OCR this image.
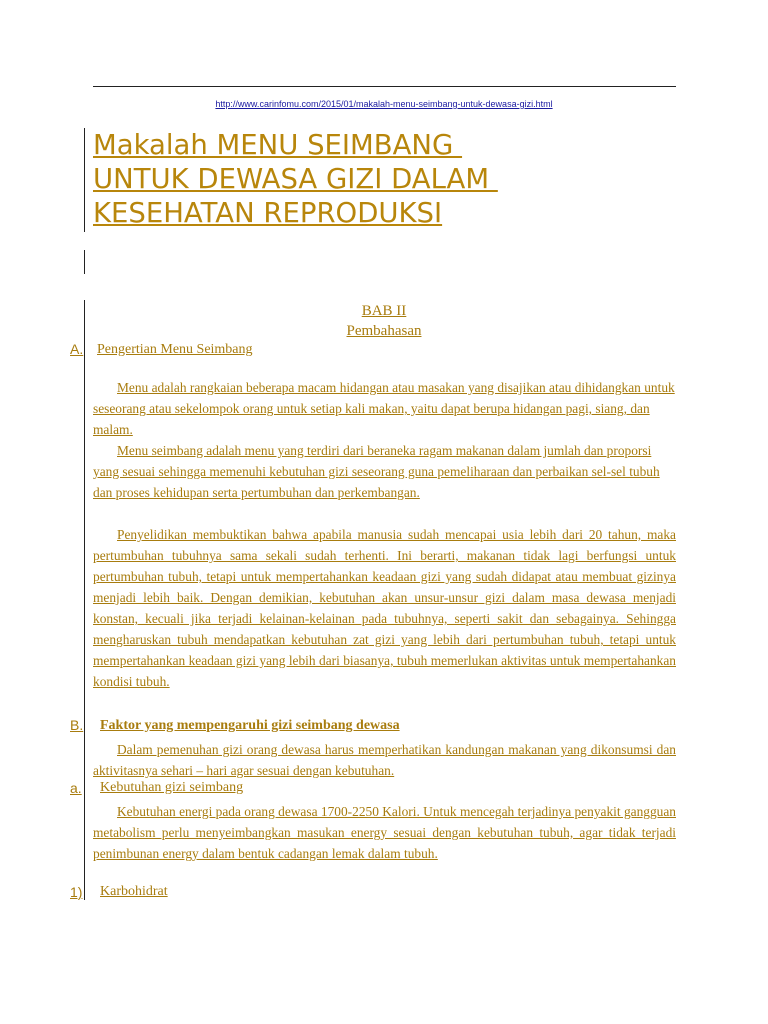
http://www.carinfomu.com/2015/01/makalah-menu-seimbang-untuk-dewasa-gizi.html
Makalah MENU SEIMBANG
UNTUK DEWASA GIZI DALAM
KESEHATAN REPRODUKSI
BAB II
Pembahasan
A. Pengertian Menu Seimbang

Menu adalah rangkaian beberapa macam hidangan atau masakan yang disajikan atau dihidangkan untuk seseorang atau sekelompok orang untuk setiap kali makan, yaitu dapat berupa hidangan pagi, siang, dan malam.

Menu seimbang adalah menu yang terdiri dari beraneka ragam makanan dalam jumlah dan proporsi yang sesuai sehingga memenuhi kebutuhan gizi seseorang guna pemeliharaan dan perbaikan sel-sel tubuh dan proses kehidupan serta pertumbuhan dan perkembangan.

Penyelidikan membuktikan bahwa apabila manusia sudah mencapai usia lebih dari 20 tahun, maka pertumbuhan tubuhnya sama sekali sudah terhenti. Ini berarti, makanan tidak lagi berfungsi untuk pertumbuhan tubuh, tetapi untuk mempertahankan keadaan gizi yang sudah didapat atau membuat gizinya menjadi lebih baik. Dengan demikian, kebutuhan akan unsur-unsur gizi dalam masa dewasa menjadi konstan, kecuali jika terjadi kelainan-kelainan pada tubuhnya, seperti sakit dan sebagainya. Sehingga mengharuskan tubuh mendapatkan kebutuhan zat gizi yang lebih dari pertumbuhan tubuh, tetapi untuk mempertahankan keadaan gizi yang lebih dari biasanya, tubuh memerlukan aktivitas untuk mempertahankan kondisi tubuh.

B. Faktor yang mempengaruhi gizi seimbang dewasa

Dalam pemenuhan gizi orang dewasa harus memperhatikan kandungan makanan yang dikonsumsi dan aktivitasnya sehari – hari agar sesuai dengan kebutuhan.

a. Kebutuhan gizi seimbang

Kebutuhan energi pada orang dewasa 1700-2250 Kalori. Untuk mencegah terjadinya penyakit gangguan metabolism perlu menyeimbangkan masukan energy sesuai dengan kebutuhan tubuh, agar tidak terjadi penimbunan energy dalam bentuk cadangan lemak dalam tubuh.

1) Karbohidrat
